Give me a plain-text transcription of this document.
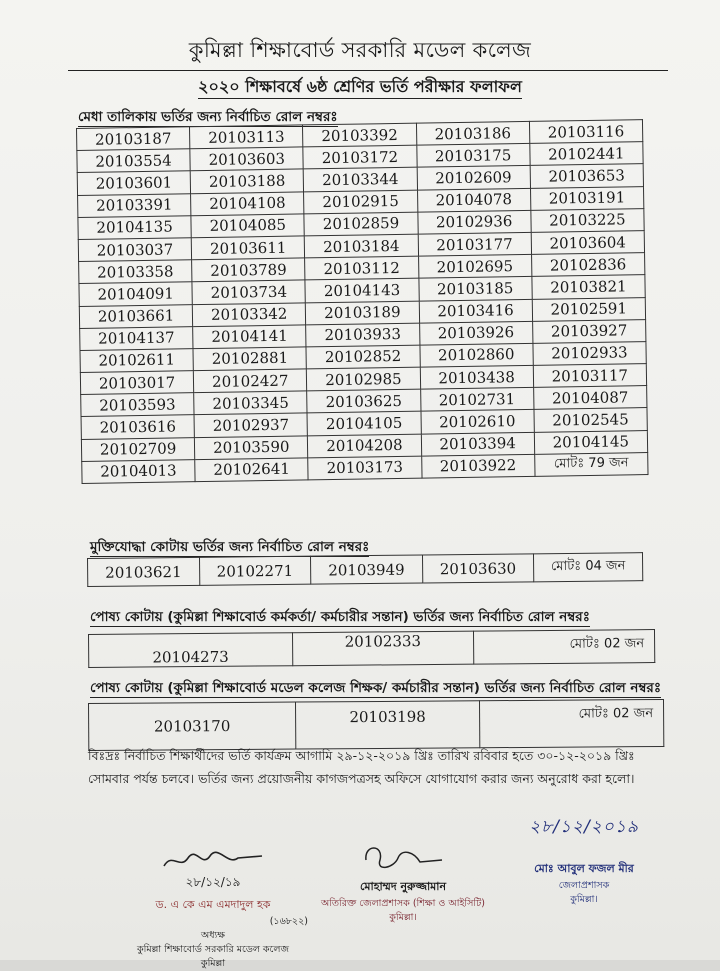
কুমিল্লা শিক্ষাবোর্ড সরকারি মডেল কলেজ
২০২০ শিক্ষাবর্ষে ৬ষ্ঠ শ্রেণির ভর্তি পরীক্ষার ফলাফল
মেধা তালিকায় ভর্তির জন্য নির্বাচিত রোল নম্বরঃ
20103187	20103113	20103392	20103186	20103116
20103554	20103603	20103172	20103175	20102441
20103601	20103188	20103344	20102609	20103653
20103391	20104108	20102915	20104078	20103191
20104135	20104085	20102859	20102936	20103225
20103037	20103611	20103184	20103177	20103604
20103358	20103789	20103112	20102695	20102836
20104091	20103734	20104143	20103185	20103821
20103661	20103342	20103189	20103416	20102591
20104137	20104141	20103933	20103926	20103927
20102611	20102881	20102852	20102860	20102933
20103017	20102427	20102985	20103438	20103117
20103593	20103345	20103625	20102731	20104087
20103616	20102937	20104105	20102610	20102545
20102709	20103590	20104208	20103394	20104145
20104013	20102641	20103173	20103922	মোটঃ 79 জন
মুক্তিযোদ্ধা কোটায় ভর্তির জন্য নির্বাচিত রোল নম্বরঃ
20103621	20102271	20103949	20103630	মোটঃ 04 জন
পোষ্য কোটায় (কুমিল্লা শিক্ষাবোর্ড কর্মকর্তা/ কর্মচারীর সন্তান) ভর্তির জন্য নির্বাচিত রোল নম্বরঃ
20104273	20102333	মোটঃ 02 জন
পোষ্য কোটায় (কুমিল্লা শিক্ষাবোর্ড মডেল কলেজ শিক্ষক/ কর্মচারীর সন্তান) ভর্তির জন্য নির্বাচিত রোল নম্বরঃ
20103170	20103198	মোটঃ 02 জন
বিঃদ্রঃ নির্বাচিত শিক্ষার্থীদের ভর্তি কার্যক্রম আগামি ২৯-১২-২০১৯ খ্রিঃ তারিখ রবিবার হতে ৩০-১২-২০১৯ খ্রিঃ সোমবার পর্যন্ত চলবে। ভর্তির জন্য প্রয়োজনীয় কাগজপত্রসহ অফিসে যোগাযোগ করার জন্য অনুরোধ করা হলো।
২৮/১২/১৯
ড. এ কে এম এমদাদুল হক
(১৬৮২২)
অধ্যক্ষ
কুমিল্লা শিক্ষাবোর্ড সরকারি মডেল কলেজ
কুমিল্লা
মোহাম্মদ নুরুজ্জামান
অতিরিক্ত জেলাপ্রশাসক (শিক্ষা ও আইসিটি)
কুমিল্লা।
২৮/১২/২০১৯
মোঃ আবুল ফজল মীর
জেলাপ্রশাসক
কুমিল্লা।
